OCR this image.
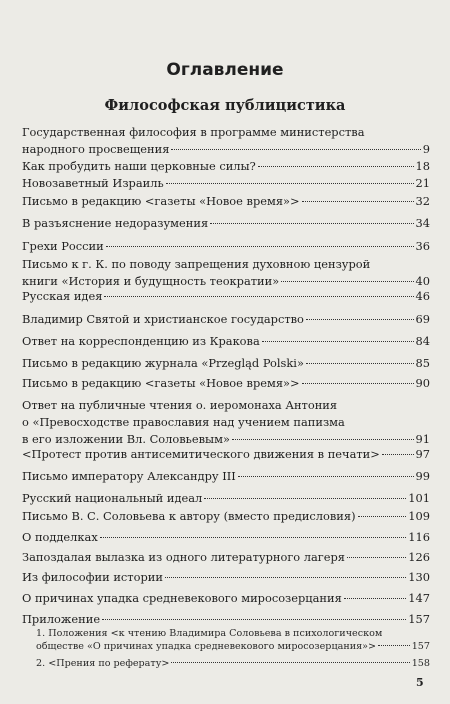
Оглавление
Философская публицистика
Государственная философия в программе министерства
народного просвещения	9
Как пробудить наши церковные силы?	18
Новозаветный Израиль	21
Письмо в редакцию <газеты «Новое время»>	32
В разъяснение недоразумения	34
Грехи России	36
Письмо к г. К. по поводу запрещения духовною цензурой
книги «История и будущность теократии»	40
Русская идея	46
Владимир Святой и христианское государство	69
Ответ на корреспонденцию из Кракова	84
Письмо в редакцию журнала «Przegląd Polski»	85
Письмо в редакцию <газеты «Новое время»>	90
Ответ на публичные чтения о. иеромонаха Антония
о «Превосходстве православия над учением папизма
в его изложении Вл. Соловьевым»	91
<Протест против антисемитического движения в печати>	97
Письмо императору Александру III	99
Русский национальный идеал	101
Письмо В. С. Соловьева к автору (вместо предисловия)	109
О подделках	116
Запоздалая вылазка из одного литературного лагеря	126
Из философии истории	130
О причинах упадка средневекового миросозерцания	147
Приложение	157
1. Положения <к чтению Владимира Соловьева в психологическом
обществе «О причинах упадка средневекового миросозерцания»>	157
2. <Прения по реферату>	158
5
